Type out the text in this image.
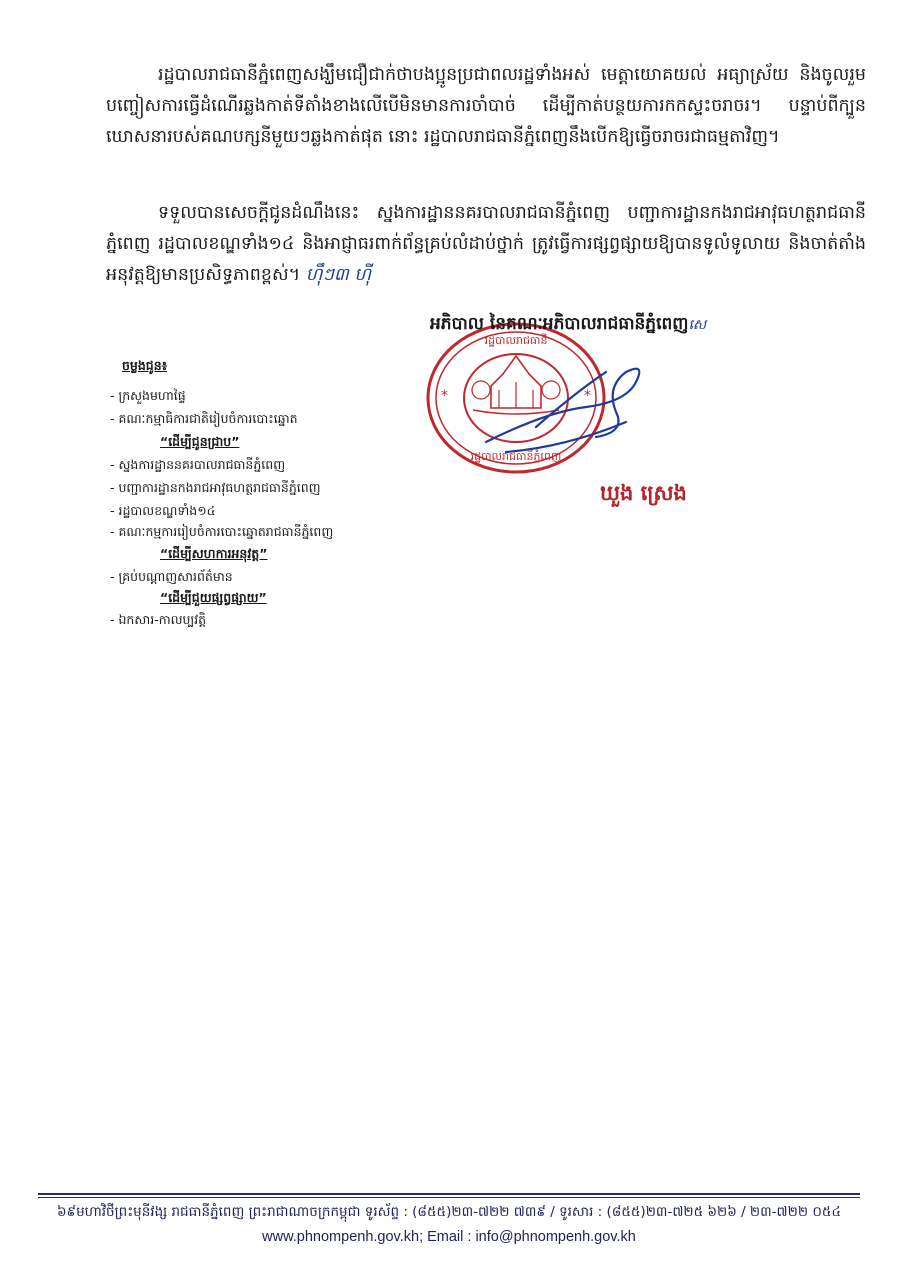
រដ្ឋបាលរាជធានីភ្នំពេញសង្ឃឹមជឿជាក់ថាបងប្អូនប្រជាពលរដ្ឋទាំងអស់ មេត្តាយោគយល់ អធ្យាស្រ័យ និងចូលរួមបញ្ចៀសការធ្វើដំណើរឆ្លងកាត់ទីតាំងខាងលើបើមិនមានការចាំបាច់ ដើម្បីកាត់បន្ថយការកកស្ទះចរាចរ។ បន្ទាប់ពីក្បួនឃោសនារបស់គណបក្សនីមួយៗឆ្លងកាត់ផុត នោះ រដ្ឋបាលរាជធានីភ្នំពេញនឹងបើកឱ្យធ្វើចរាចរជាធម្មតាវិញ។
ទទួលបានសេចក្តីជូនដំណឹងនេះ ស្នងការដ្ឋាននគរបាលរាជធានីភ្នំពេញ បញ្ជាការដ្ឋានកងរាជអាវុធហត្ថរាជធានីភ្នំពេញ រដ្ឋបាលខណ្ឌទាំង១៤ និងអាជ្ញាធរពាក់ព័ន្ធគ្រប់លំដាប់ថ្នាក់ ត្រូវធ្វើការផ្សព្វផ្សាយឱ្យបានទូលំទូលាយ និងចាត់តាំងអនុវត្តឱ្យមានប្រសិទ្ធភាពខ្ពស់។ ហ៊ឹៗ៣ ហ៊ី
*	*
រដ្ឋបាលរាជធានី
រដ្ឋបាលរាជធានីភ្នំពេញ
អភិបាល នៃគណៈអភិបាលរាជធានីភ្នំពេញសេ
ឃួង ស្រេង
ចម្លងជូន៖
- ក្រសួងមហាផ្ទៃ
- គណៈកម្មាធិការជាតិរៀបចំការបោះឆ្នោត
“ដើម្បីជូនជ្រាប”
- ស្នងការដ្ឋាននគរបាលរាជធានីភ្នំពេញ
- បញ្ជាការដ្ឋានកងរាជអាវុធហត្ថរាជធានីភ្នំពេញ
- រដ្ឋបាលខណ្ឌទាំង១៤
- គណៈកម្មការរៀបចំការបោះឆ្នោតរាជធានីភ្នំពេញ
“ដើម្បីសហការអនុវត្ត”
- គ្រប់បណ្តាញសារព័ត៌មាន
“ដើម្បីជួយផ្សព្វផ្សាយ”
- ឯកសារ-កាលប្បវត្តិ
៦៩មហាវិថីព្រះមុនីវង្ស រាជធានីភ្នំពេញ ព្រះរាជាណាចក្រកម្ពុជា ទូរស័ព្ទ : (៨៥៥)២៣-៧២២ ៧៣៩ / ទូរសារ : (៨៥៥)២៣-៧២៥ ៦២៦ / ២៣-៧២២ ០៥៤
www.phnompenh.gov.kh; Email : info@phnompenh.gov.kh
